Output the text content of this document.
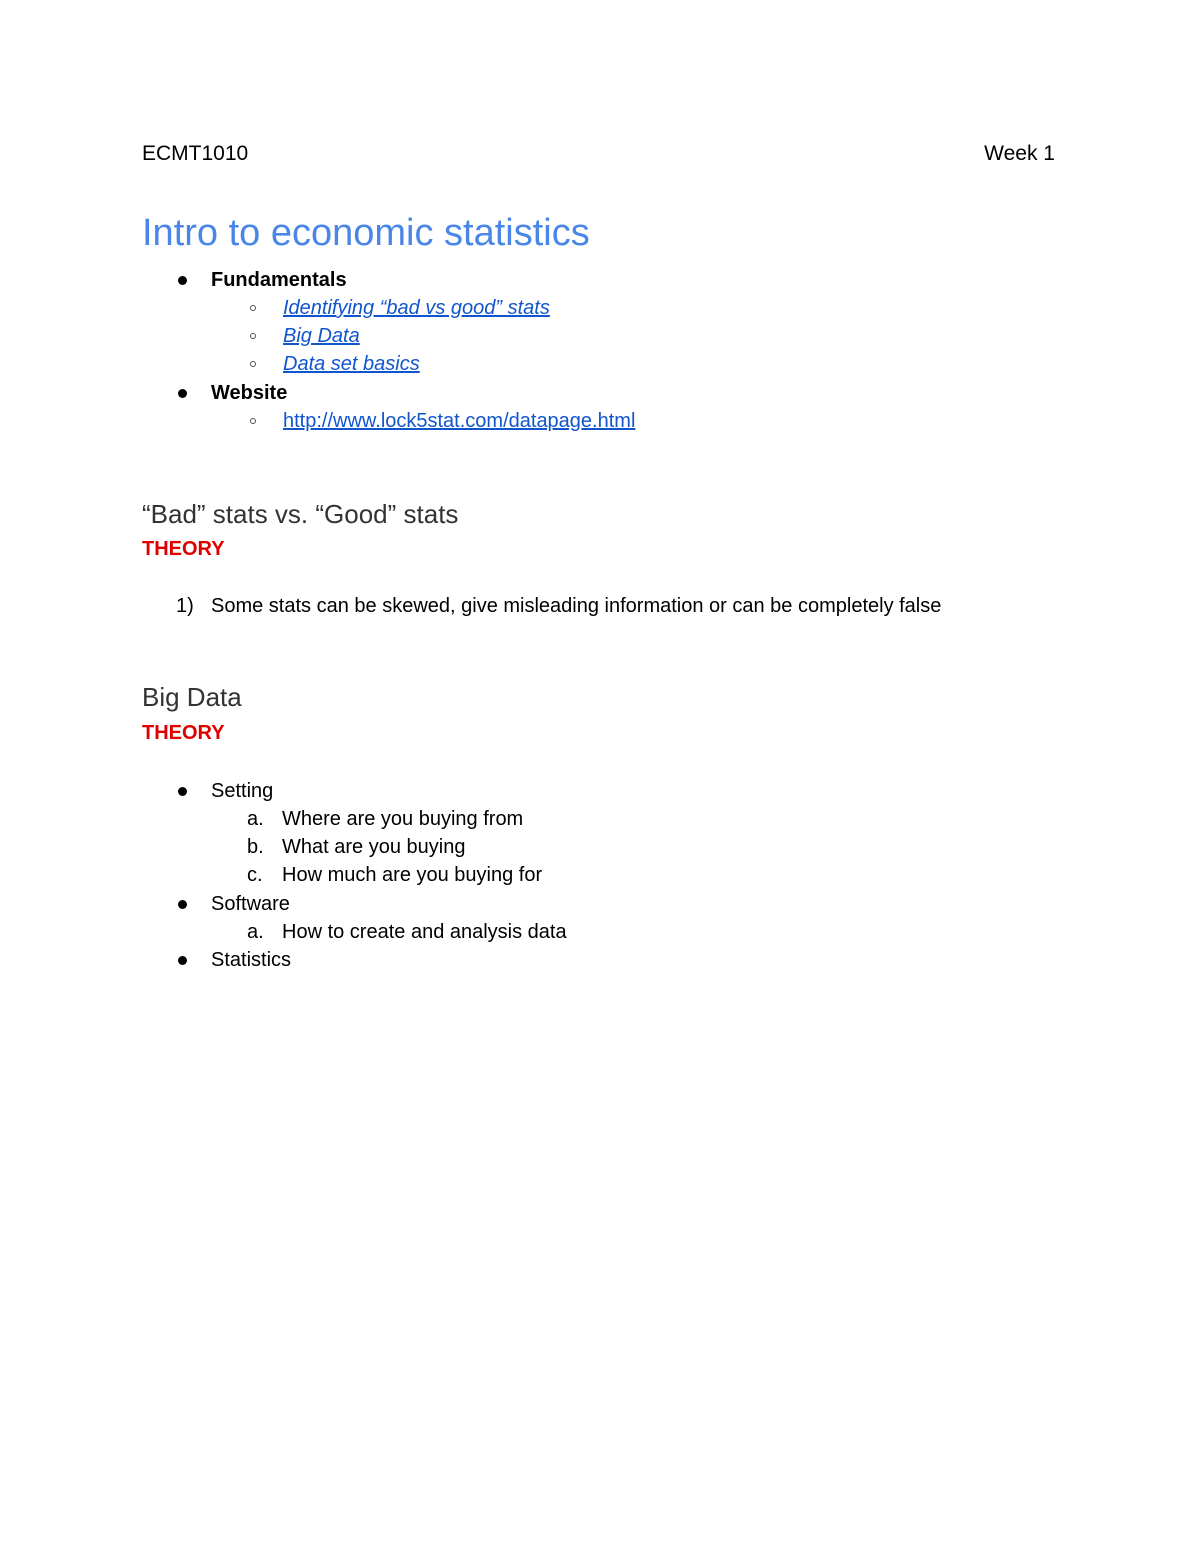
ECMT1010	Week 1
Intro to economic statistics
Fundamentals
Identifying “bad vs good” stats
Big Data
Data set basics
Website
http://www.lock5stat.com/datapage.html
“Bad” stats vs. “Good” stats
THEORY
1) Some stats can be skewed, give misleading information or can be completely false
Big Data
THEORY
Setting
a. Where are you buying from
b. What are you buying
c. How much are you buying for
Software
a. How to create and analysis data
Statistics
